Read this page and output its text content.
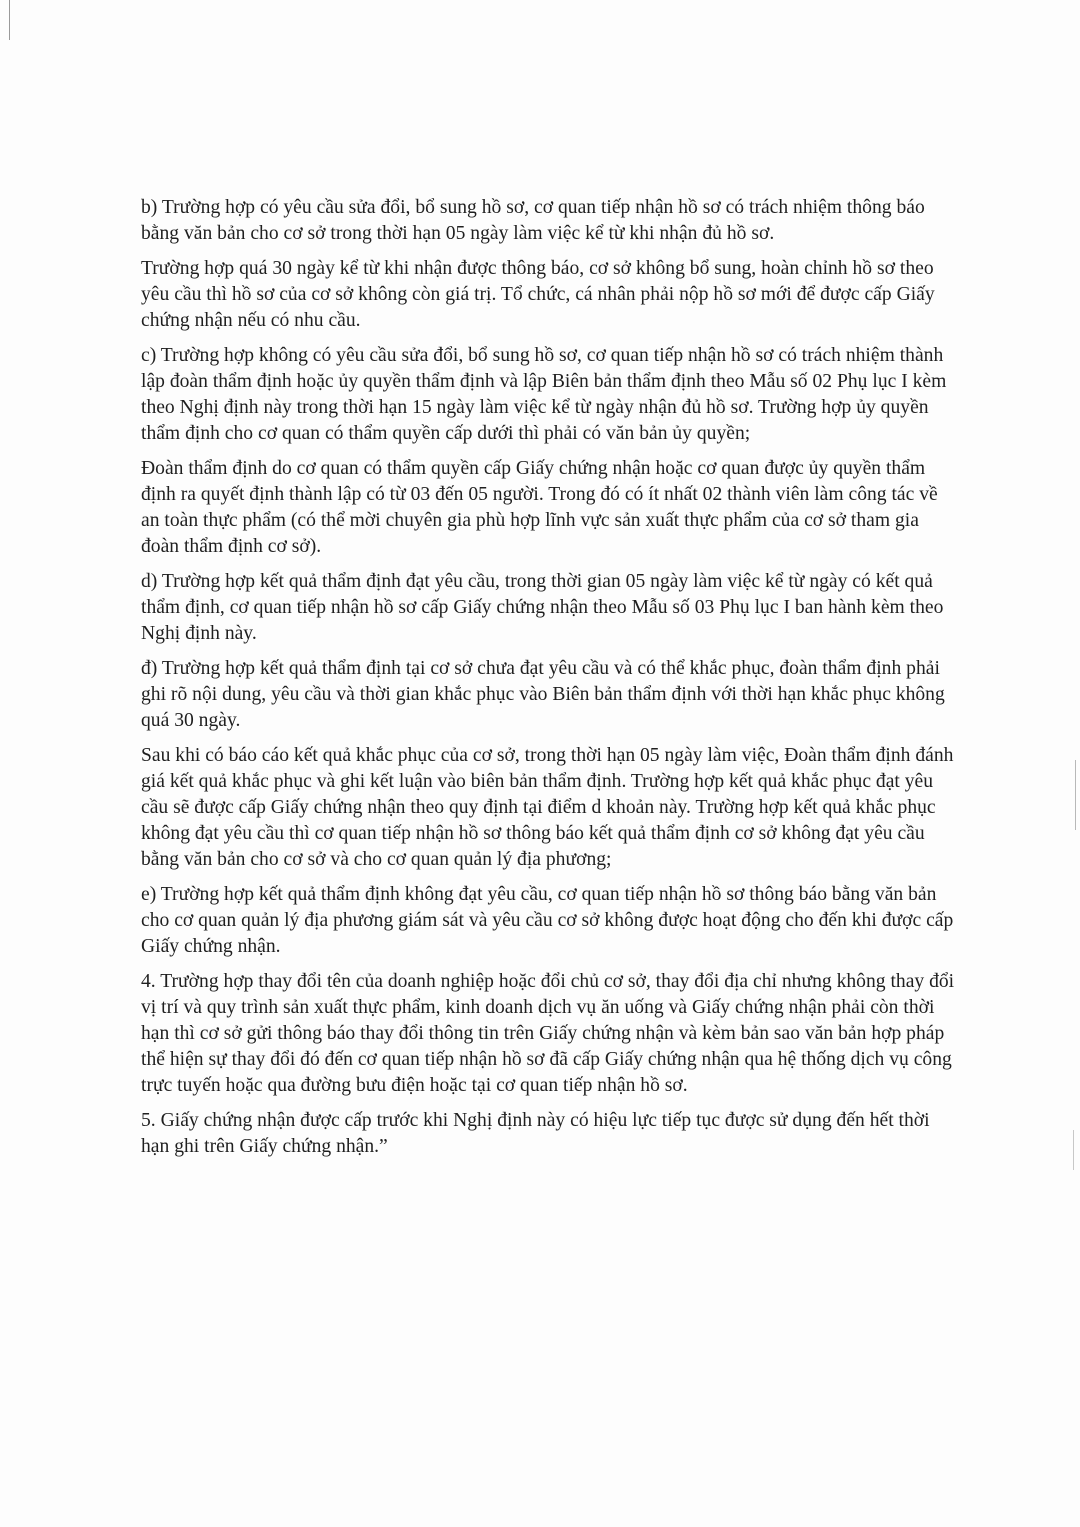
b) Trường hợp có yêu cầu sửa đổi, bổ sung hồ sơ, cơ quan tiếp nhận hồ sơ có trách nhiệm thông báo bằng văn bản cho cơ sở trong thời hạn 05 ngày làm việc kể từ khi nhận đủ hồ sơ.

Trường hợp quá 30 ngày kể từ khi nhận được thông báo, cơ sở không bổ sung, hoàn chỉnh hồ sơ theo yêu cầu thì hồ sơ của cơ sở không còn giá trị. Tổ chức, cá nhân phải nộp hồ sơ mới để được cấp Giấy chứng nhận nếu có nhu cầu.

c) Trường hợp không có yêu cầu sửa đổi, bổ sung hồ sơ, cơ quan tiếp nhận hồ sơ có trách nhiệm thành lập đoàn thẩm định hoặc ủy quyền thẩm định và lập Biên bản thẩm định theo Mẫu số 02 Phụ lục I kèm theo Nghị định này trong thời hạn 15 ngày làm việc kể từ ngày nhận đủ hồ sơ. Trường hợp ủy quyền thẩm định cho cơ quan có thẩm quyền cấp dưới thì phải có văn bản ủy quyền;

Đoàn thẩm định do cơ quan có thẩm quyền cấp Giấy chứng nhận hoặc cơ quan được ủy quyền thẩm định ra quyết định thành lập có từ 03 đến 05 người. Trong đó có ít nhất 02 thành viên làm công tác về an toàn thực phẩm (có thể mời chuyên gia phù hợp lĩnh vực sản xuất thực phẩm của cơ sở tham gia đoàn thẩm định cơ sở).

d) Trường hợp kết quả thẩm định đạt yêu cầu, trong thời gian 05 ngày làm việc kể từ ngày có kết quả thẩm định, cơ quan tiếp nhận hồ sơ cấp Giấy chứng nhận theo Mẫu số 03 Phụ lục I ban hành kèm theo Nghị định này.

đ) Trường hợp kết quả thẩm định tại cơ sở chưa đạt yêu cầu và có thể khắc phục, đoàn thẩm định phải ghi rõ nội dung, yêu cầu và thời gian khắc phục vào Biên bản thẩm định với thời hạn khắc phục không quá 30 ngày.

Sau khi có báo cáo kết quả khắc phục của cơ sở, trong thời hạn 05 ngày làm việc, Đoàn thẩm định đánh giá kết quả khắc phục và ghi kết luận vào biên bản thẩm định. Trường hợp kết quả khắc phục đạt yêu cầu sẽ được cấp Giấy chứng nhận theo quy định tại điểm d khoản này. Trường hợp kết quả khắc phục không đạt yêu cầu thì cơ quan tiếp nhận hồ sơ thông báo kết quả thẩm định cơ sở không đạt yêu cầu bằng văn bản cho cơ sở và cho cơ quan quản lý địa phương;

e) Trường hợp kết quả thẩm định không đạt yêu cầu, cơ quan tiếp nhận hồ sơ thông báo bằng văn bản cho cơ quan quản lý địa phương giám sát và yêu cầu cơ sở không được hoạt động cho đến khi được cấp Giấy chứng nhận.

4. Trường hợp thay đổi tên của doanh nghiệp hoặc đổi chủ cơ sở, thay đổi địa chỉ nhưng không thay đổi vị trí và quy trình sản xuất thực phẩm, kinh doanh dịch vụ ăn uống và Giấy chứng nhận phải còn thời hạn thì cơ sở gửi thông báo thay đổi thông tin trên Giấy chứng nhận và kèm bản sao văn bản hợp pháp thể hiện sự thay đổi đó đến cơ quan tiếp nhận hồ sơ đã cấp Giấy chứng nhận qua hệ thống dịch vụ công trực tuyến hoặc qua đường bưu điện hoặc tại cơ quan tiếp nhận hồ sơ.

5. Giấy chứng nhận được cấp trước khi Nghị định này có hiệu lực tiếp tục được sử dụng đến hết thời hạn ghi trên Giấy chứng nhận.”
